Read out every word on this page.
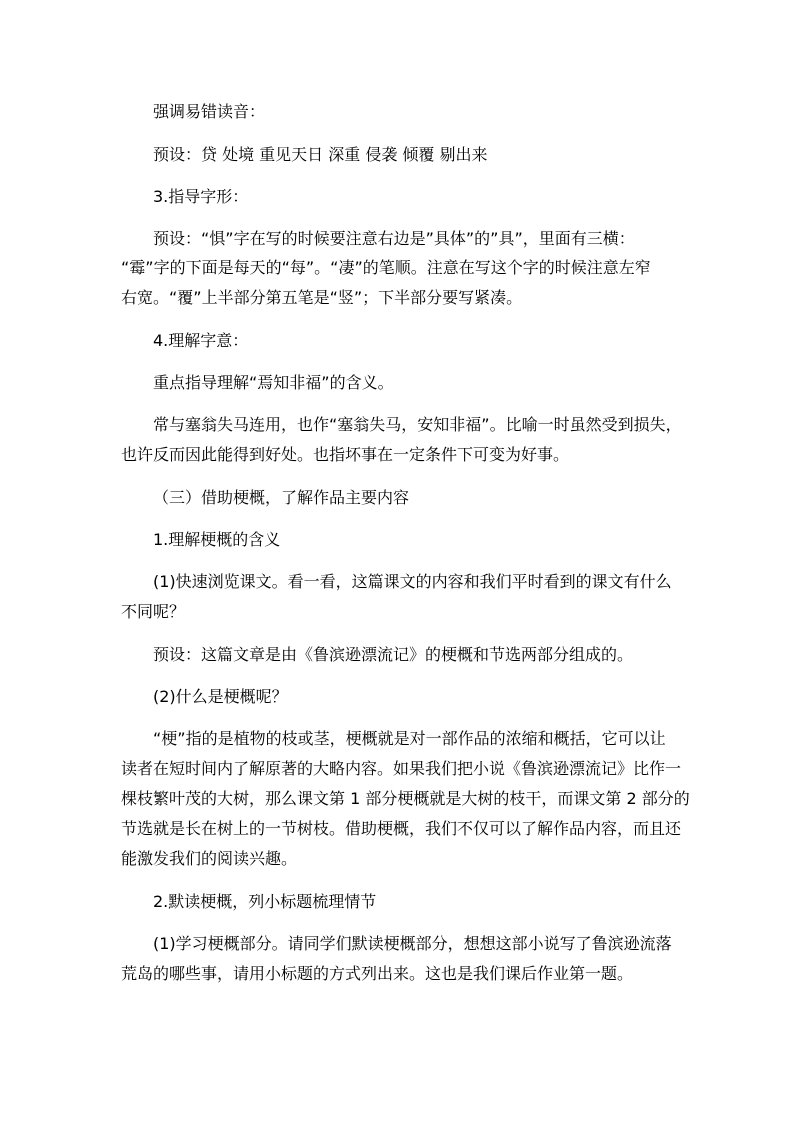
强调易错读音：

预设：贷 处境 重见天日 深重 侵袭 倾覆 剔出来

3.指导字形：

预设：“惧”字在写的时候要注意右边是”具体”的”具”，里面有三横：

“霉”字的下面是每天的“每”。“凄”的笔顺。注意在写这个字的时候注意左窄

右宽。“覆”上半部分第五笔是“竖”；下半部分要写紧凑。

4.理解字意：

重点指导理解“焉知非福”的含义。

常与塞翁失马连用，也作“塞翁失马，安知非福”。比喻一时虽然受到损失，

也许反而因此能得到好处。也指坏事在一定条件下可变为好事。

（三）借助梗概，了解作品主要内容

1.理解梗概的含义

(1)快速浏览课文。看一看，这篇课文的内容和我们平时看到的课文有什么

不同呢？

预设：这篇文章是由《鲁滨逊漂流记》的梗概和节选两部分组成的。

(2)什么是梗概呢？

“梗”指的是植物的枝或茎，梗概就是对一部作品的浓缩和概括，它可以让

读者在短时间内了解原著的大略内容。如果我们把小说《鲁滨逊漂流记》比作一

棵枝繁叶茂的大树，那么课文第 1 部分梗概就是大树的枝干，而课文第 2 部分的

节选就是长在树上的一节树枝。借助梗概，我们不仅可以了解作品内容，而且还

能激发我们的阅读兴趣。

2.默读梗概，列小标题梳理情节

(1)学习梗概部分。请同学们默读梗概部分，想想这部小说写了鲁滨逊流落

荒岛的哪些事，请用小标题的方式列出来。这也是我们课后作业第一题。
